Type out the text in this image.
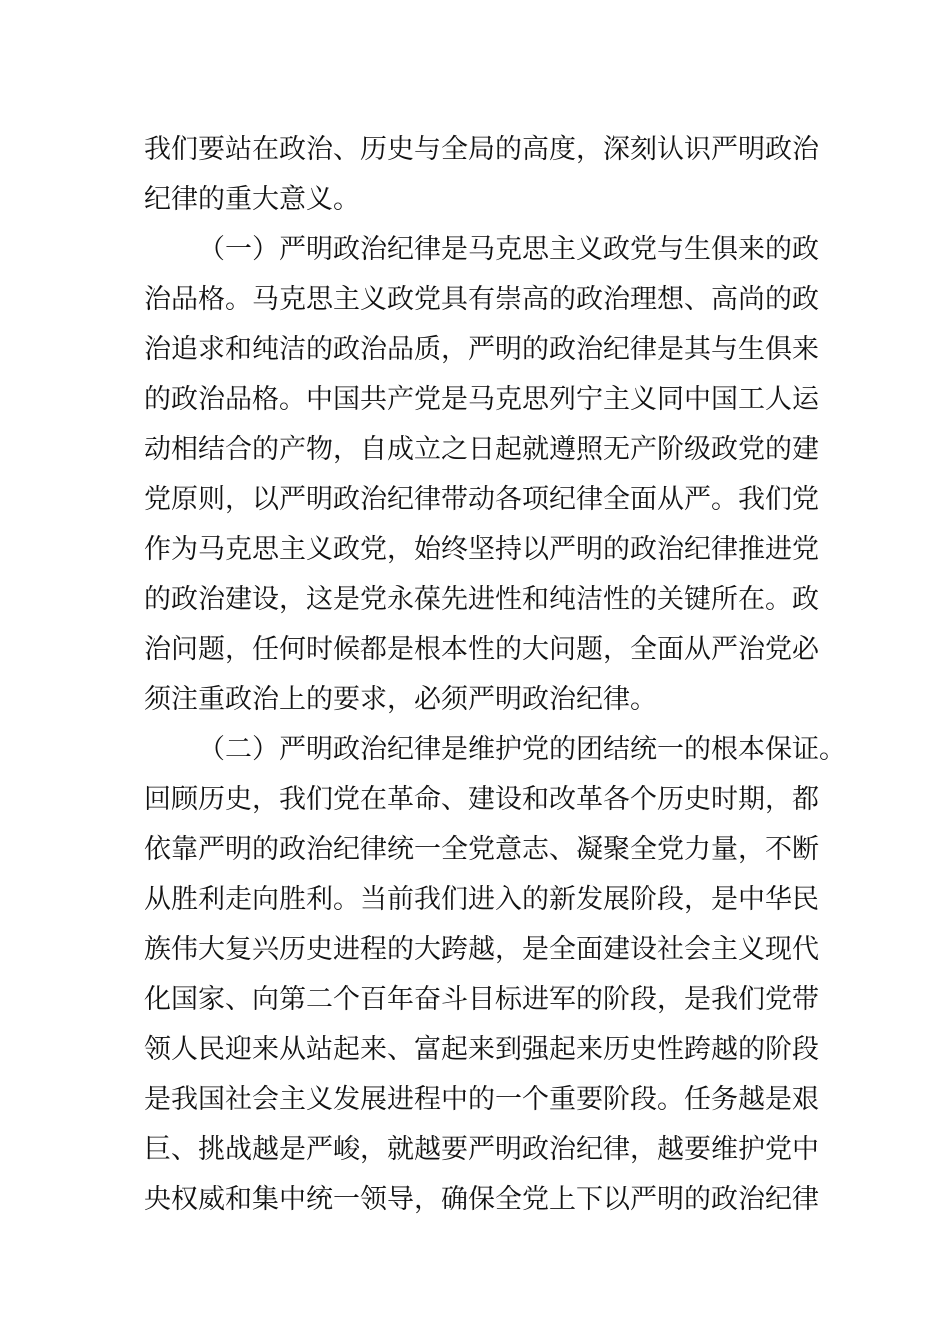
我们要站在政治、历史与全局的高度，深刻认识严明政治
纪律的重大意义。
（一）严明政治纪律是马克思主义政党与生俱来的政
治品格。马克思主义政党具有崇高的政治理想、高尚的政
治追求和纯洁的政治品质，严明的政治纪律是其与生俱来
的政治品格。中国共产党是马克思列宁主义同中国工人运
动相结合的产物，自成立之日起就遵照无产阶级政党的建
党原则，以严明政治纪律带动各项纪律全面从严。我们党
作为马克思主义政党，始终坚持以严明的政治纪律推进党
的政治建设，这是党永葆先进性和纯洁性的关键所在。政
治问题，任何时候都是根本性的大问题，全面从严治党必
须注重政治上的要求，必须严明政治纪律。
（二）严明政治纪律是维护党的团结统一的根本保证。
回顾历史，我们党在革命、建设和改革各个历史时期，都
依靠严明的政治纪律统一全党意志、凝聚全党力量，不断
从胜利走向胜利。当前我们进入的新发展阶段，是中华民
族伟大复兴历史进程的大跨越，是全面建设社会主义现代
化国家、向第二个百年奋斗目标进军的阶段，是我们党带
领人民迎来从站起来、富起来到强起来历史性跨越的阶段
是我国社会主义发展进程中的一个重要阶段。任务越是艰
巨、挑战越是严峻，就越要严明政治纪律，越要维护党中
央权威和集中统一领导，确保全党上下以严明的政治纪律
